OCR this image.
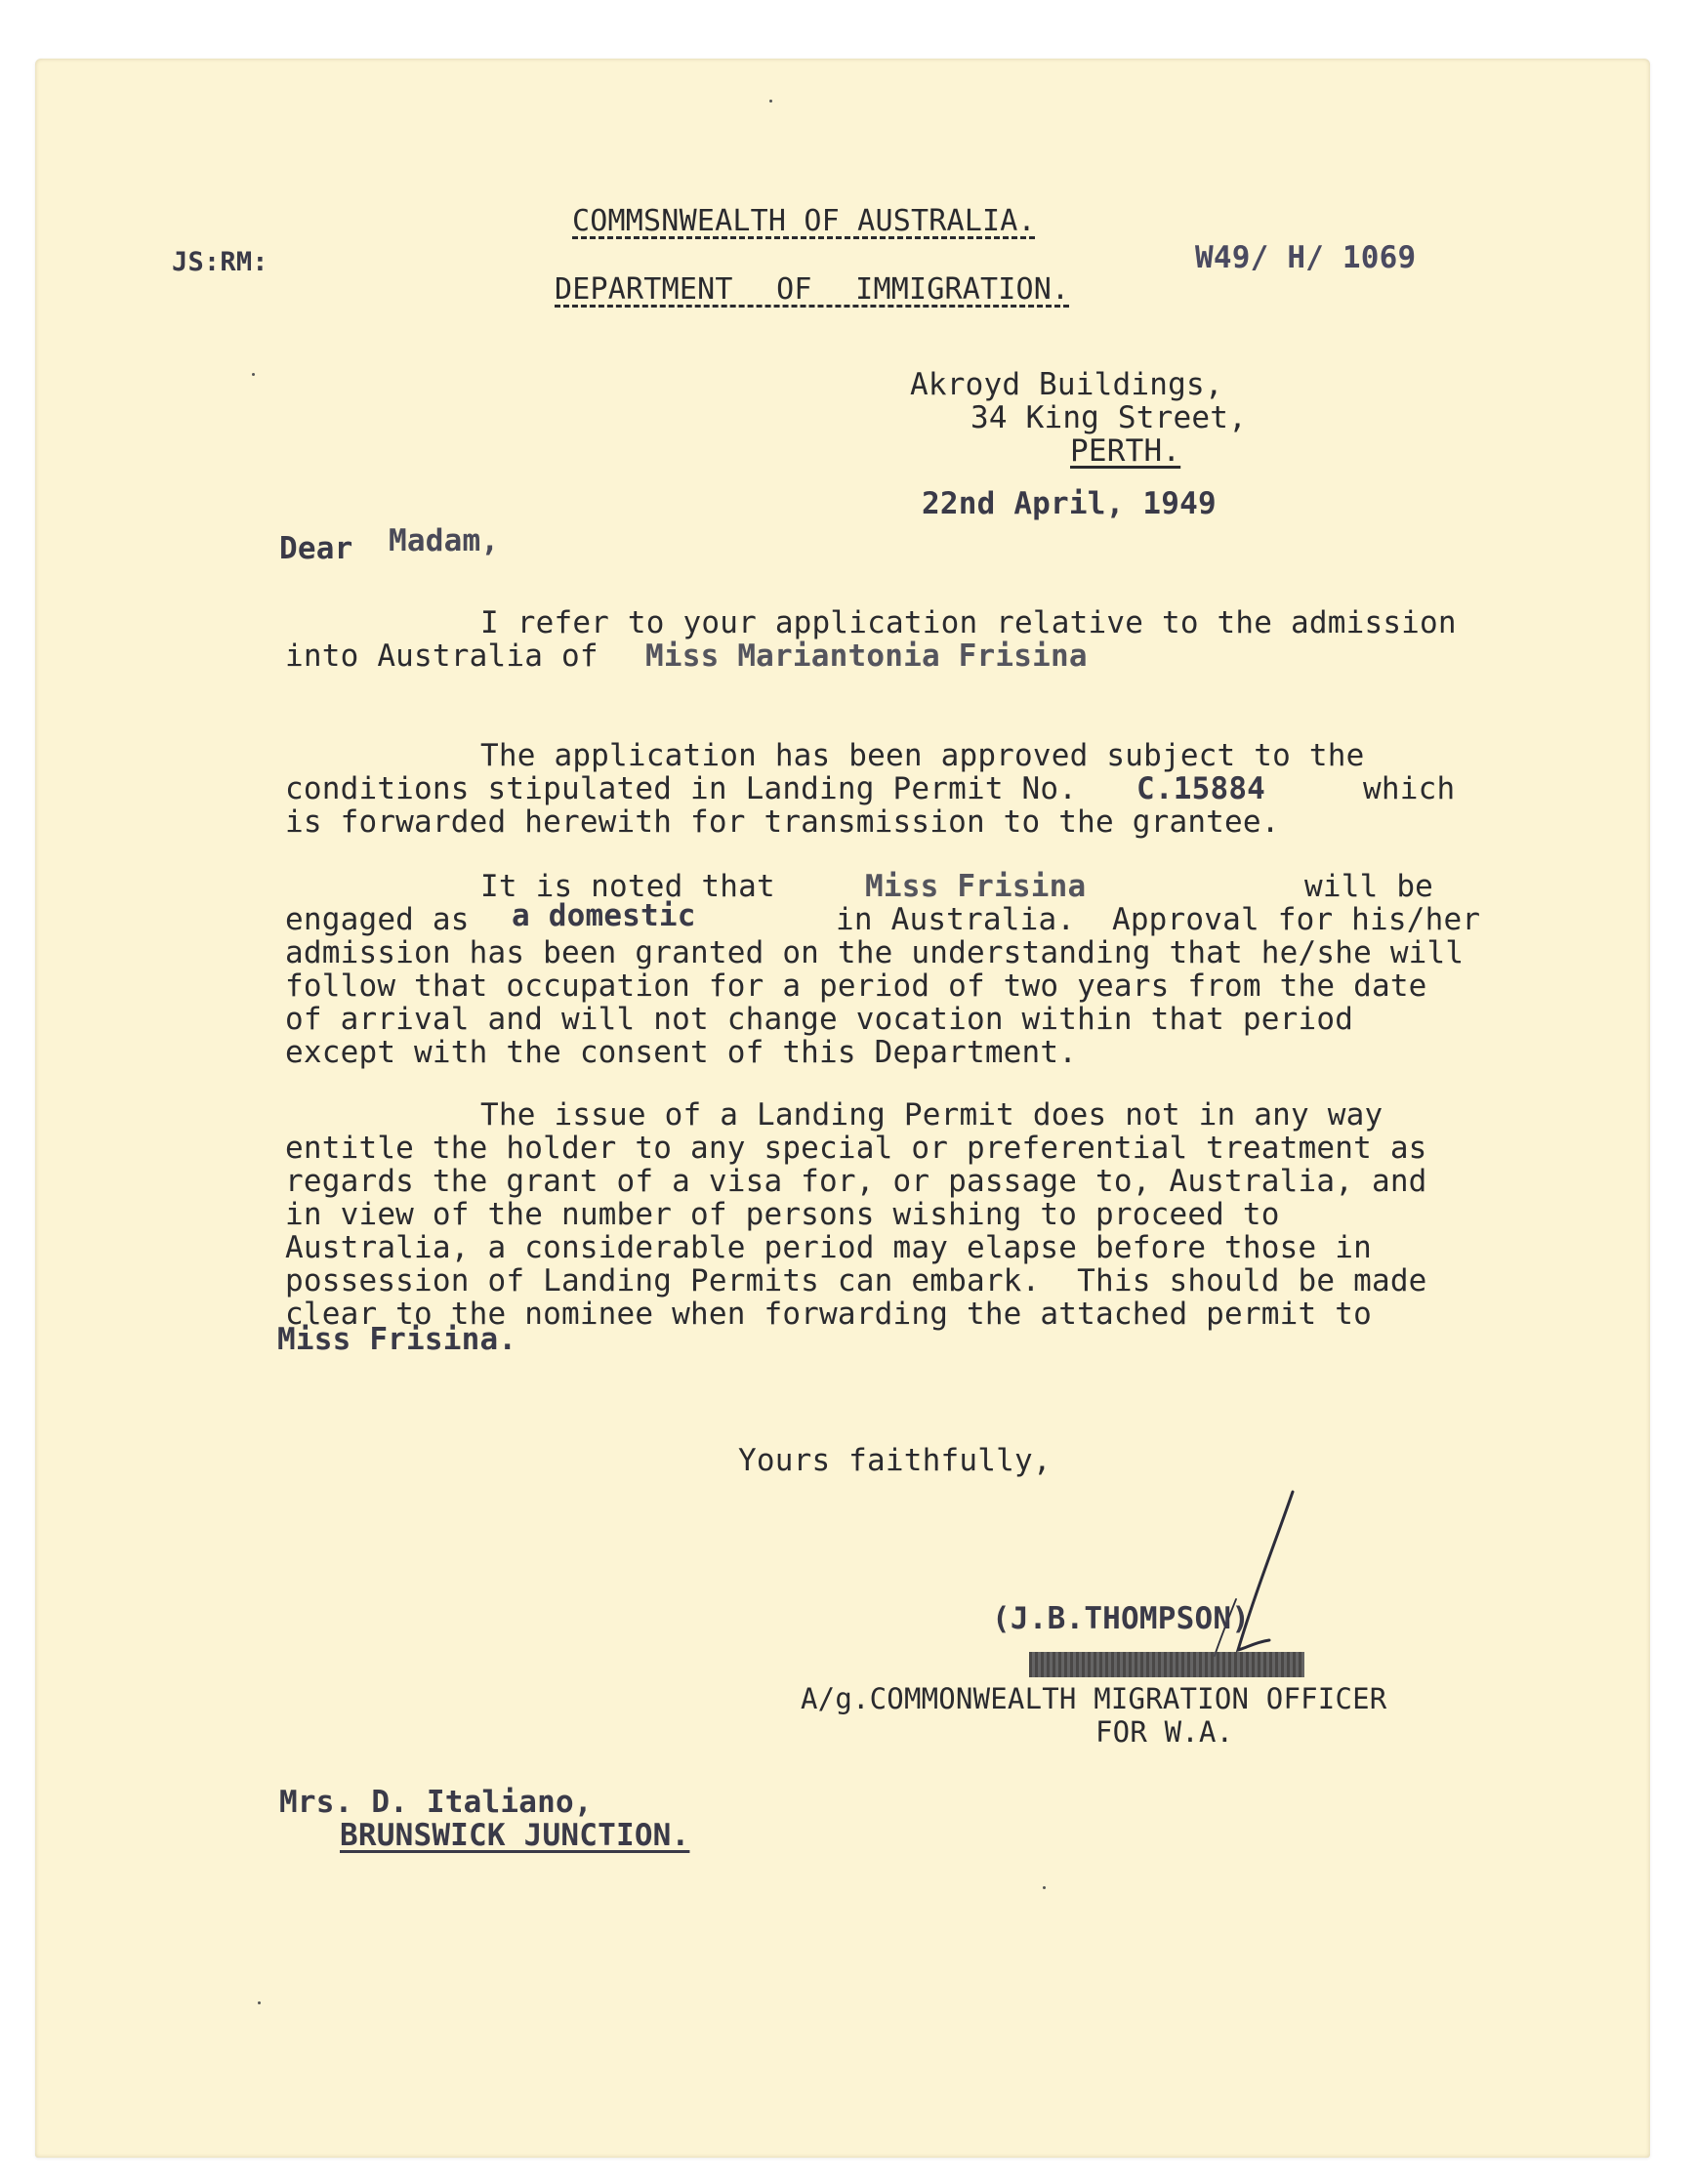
JS:RM:
COMMSNWEALTH OF AUSTRALIA.
DEPARTMENT  OF  IMMIGRATION.
W49/ H/ 1069
Akroyd Buildings,
34 King Street,
PERTH.
22nd April, 1949
Dear Madam,
I refer to your application relative to the admission
into Australia of Miss Mariantonia Frisina
The application has been approved subject to the
conditions stipulated in Landing Permit No. C.15884	which
is forwarded herewith for transmission to the grantee.
It is noted that	Miss Frisina	will be
engaged as a domestic	in Australia.  Approval for his/her
admission has been granted on the understanding that he/she will
follow that occupation for a period of two years from the date
of arrival and will not change vocation within that period
except with the consent of this Department.
The issue of a Landing Permit does not in any way
entitle the holder to any special or preferential treatment as
regards the grant of a visa for, or passage to, Australia, and
in view of the number of persons wishing to proceed to
Australia, a considerable period may elapse before those in
possession of Landing Permits can embark.  This should be made
clear to the nominee when forwarding the attached permit to
Miss Frisina.
Yours faithfully,
(J.B.THOMPSON)
A/g.COMMONWEALTH MIGRATION OFFICER
FOR W.A.
Mrs. D. Italiano,
BRUNSWICK JUNCTION.
